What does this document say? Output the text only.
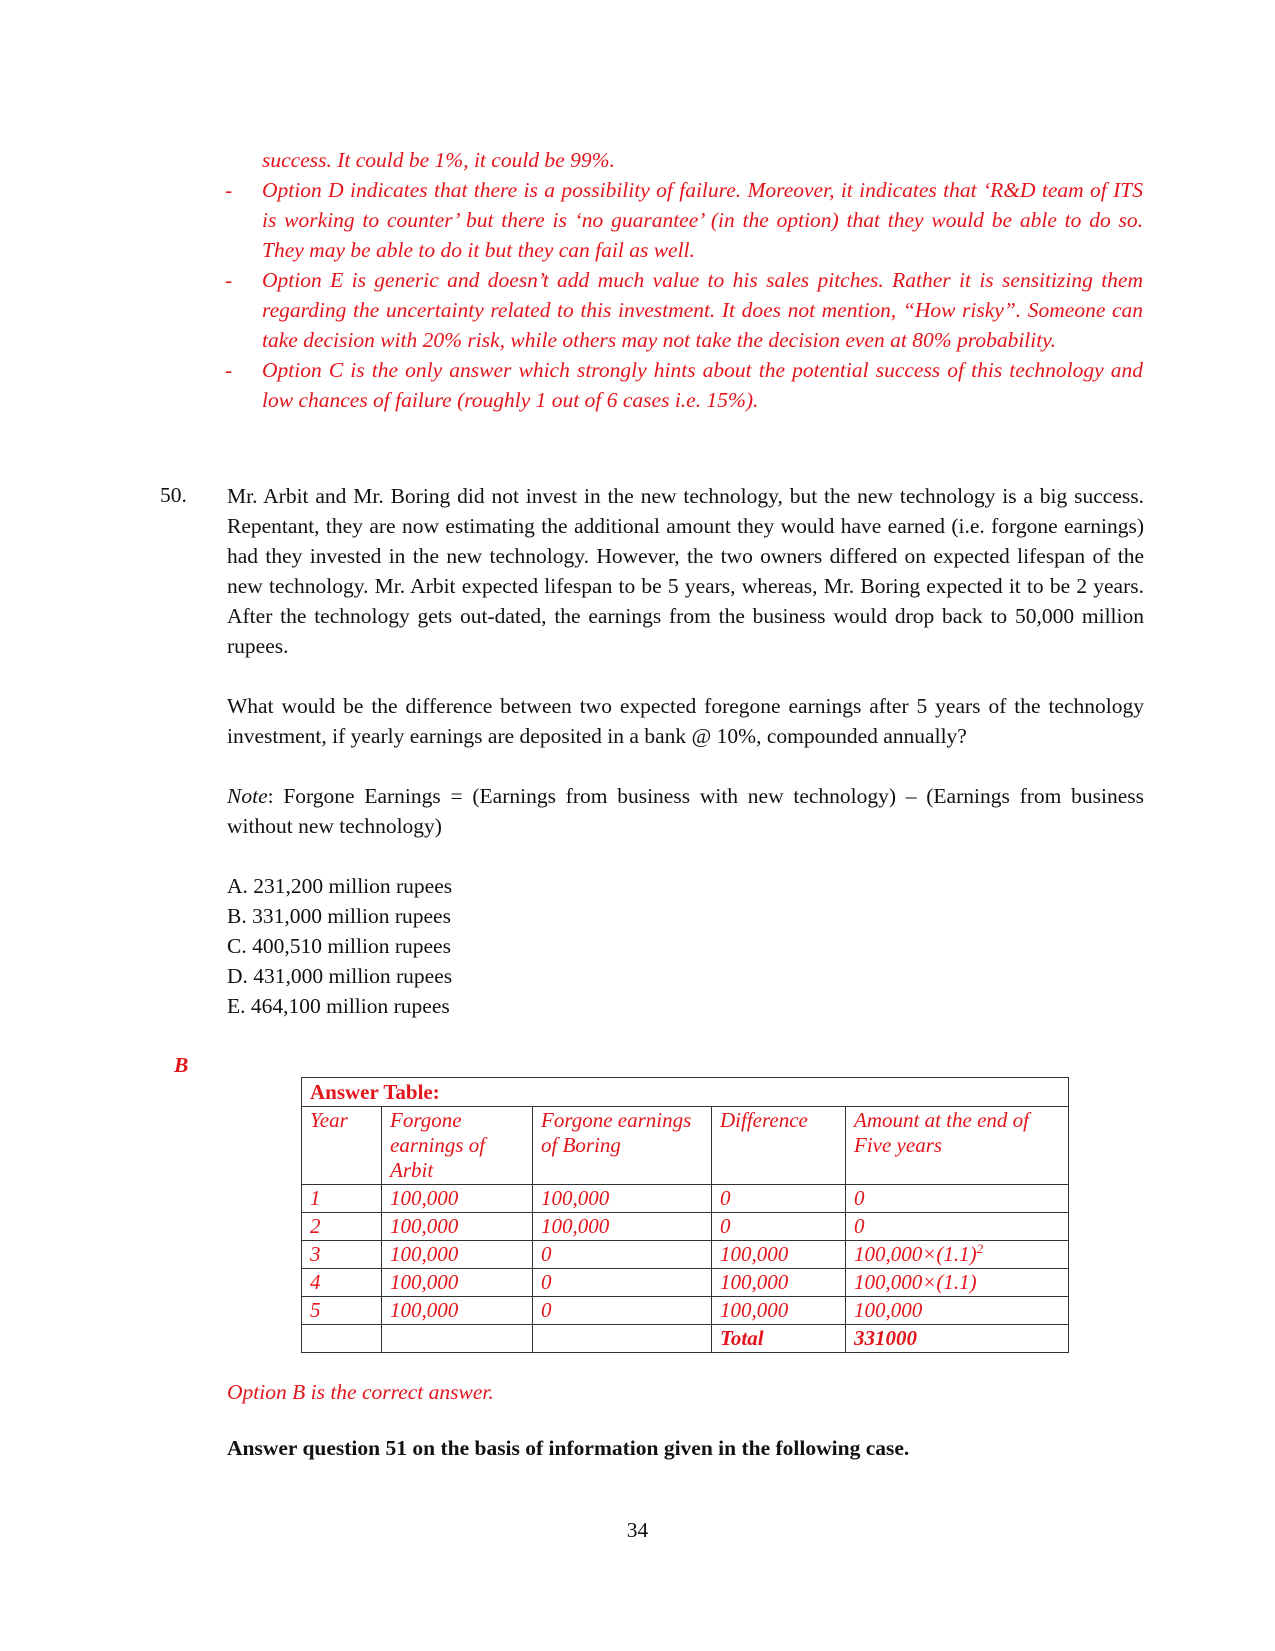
success. It could be 1%, it could be 99%.
-	Option D indicates that there is a possibility of failure. Moreover, it indicates that ‘R&D team of ITS is working to counter’ but there is ‘no guarantee’ (in the option) that they would be able to do so. They may be able to do it but they can fail as well.
-	Option E is generic and doesn’t add much value to his sales pitches. Rather it is sensitizing them regarding the uncertainty related to this investment. It does not mention, “How risky”. Someone can take decision with 20% risk, while others may not take the decision even at 80% probability.
-	Option C is the only answer which strongly hints about the potential success of this technology and low chances of failure (roughly 1 out of 6 cases i.e. 15%).
50. Mr. Arbit and Mr. Boring did not invest in the new technology, but the new technology is a big success. Repentant, they are now estimating the additional amount they would have earned (i.e. forgone earnings) had they invested in the new technology. However, the two owners differed on expected lifespan of the new technology. Mr. Arbit expected lifespan to be 5 years, whereas, Mr. Boring expected it to be 2 years. After the technology gets out-dated, the earnings from the business would drop back to 50,000 million rupees.

What would be the difference between two expected foregone earnings after 5 years of the technology investment, if yearly earnings are deposited in a bank @ 10%, compounded annually?

Note: Forgone Earnings = (Earnings from business with new technology) – (Earnings from business without new technology)

A. 231,200 million rupees
B. 331,000 million rupees
C. 400,510 million rupees
D. 431,000 million rupees
E. 464,100 million rupees
B
Answer Table:				
Year	Forgone earnings of Arbit	Forgone earnings of Boring	Difference	Amount at the end of Five years
1	100,000	100,000	0	0
2	100,000	100,000	0	0
3	100,000	0	100,000	$100,000\times(1.1)^2$
4	100,000	0	100,000	100,000×(1.1)
5	100,000	0	100,000	100,000
			Total	331000
Option B is the correct answer.
Answer question 51 on the basis of information given in the following case.
34
